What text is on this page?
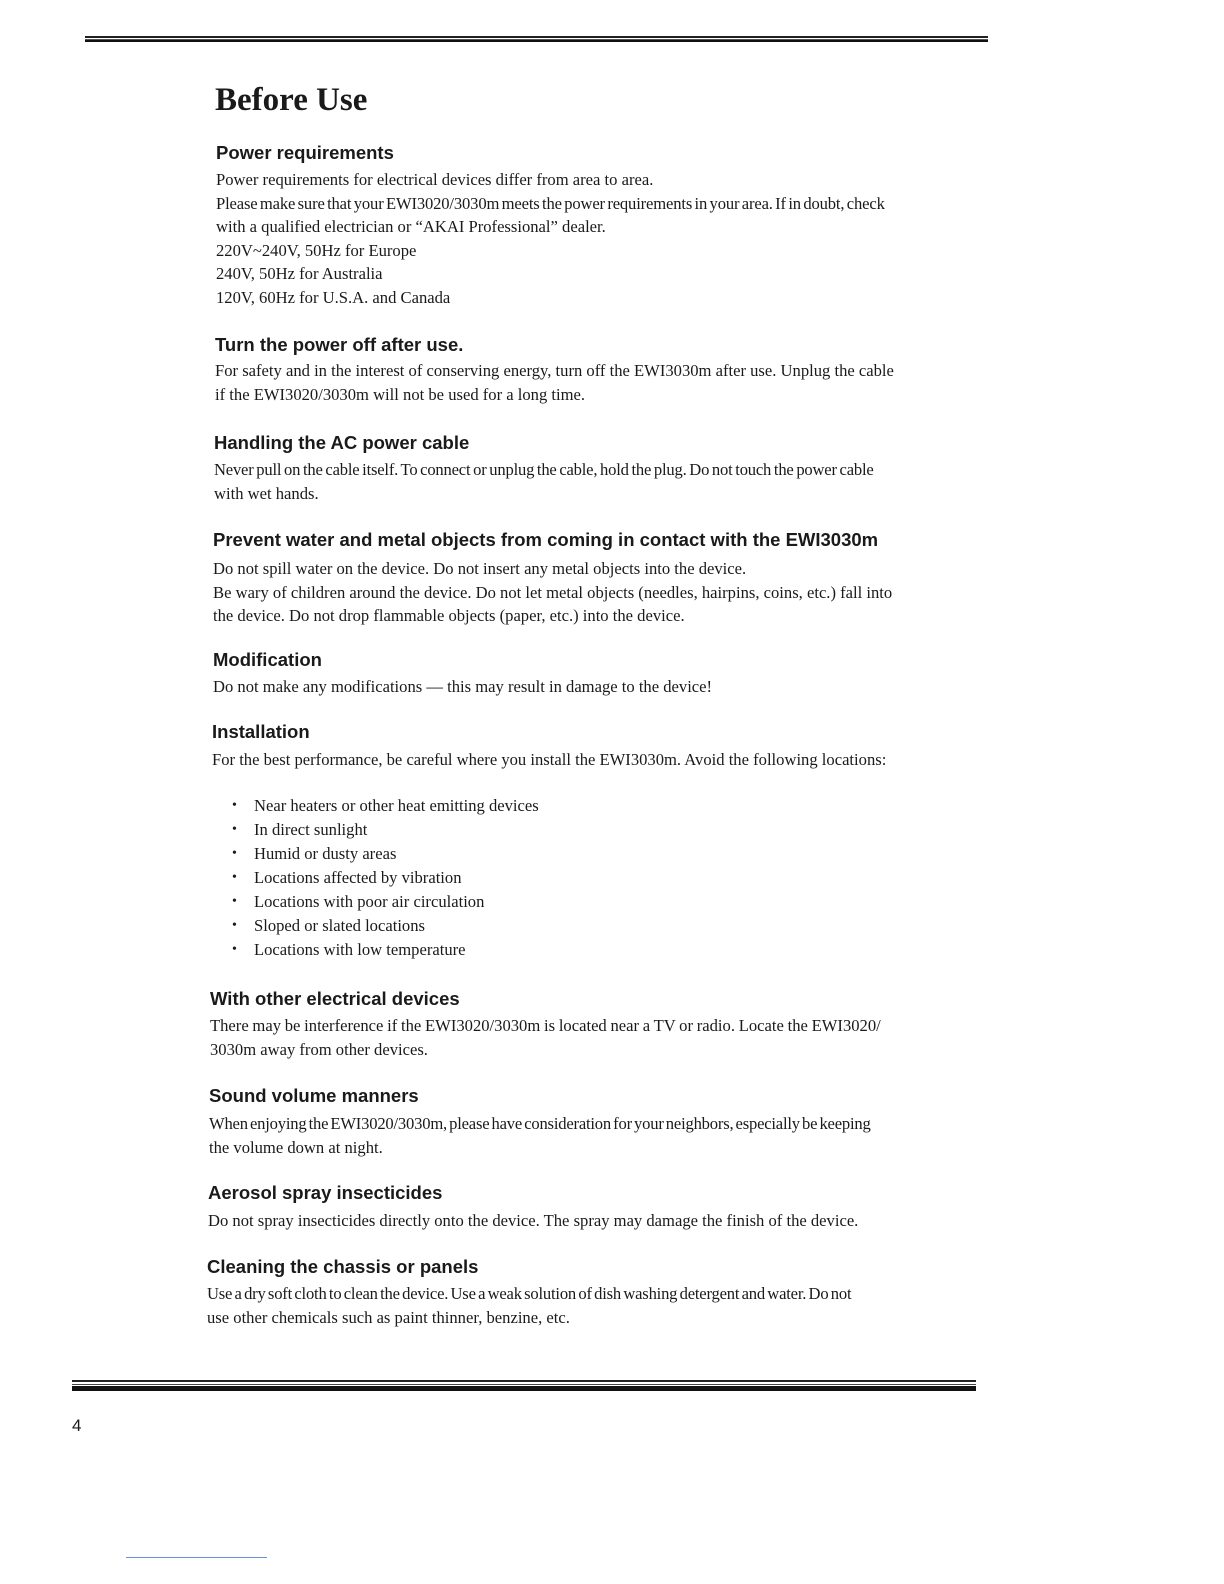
Before Use
Power requirements

Power requirements for electrical devices differ from area to area.

Please make sure that your EWI3020/3030m meets the power requirements in your area. If in doubt, check

with a qualified electrician or “AKAI Professional” dealer.

220V~240V, 50Hz for Europe

240V, 50Hz for Australia

120V, 60Hz for U.S.A. and Canada

Turn the power off after use.

For safety and in the interest of conserving energy, turn off the EWI3030m after use. Unplug the cable

if the EWI3020/3030m will not be used for a long time.

Handling the AC power cable

Never pull on the cable itself. To connect or unplug the cable, hold the plug. Do not touch the power cable

with wet hands.

Prevent water and metal objects from coming in contact with the EWI3030m

Do not spill water on the device. Do not insert any metal objects into the device.

Be wary of children around the device. Do not let metal objects (needles, hairpins, coins, etc.) fall into

the device. Do not drop flammable objects (paper, etc.) into the device.

Modification

Do not make any modifications — this may result in damage to the device!

Installation

For the best performance, be careful where you install the EWI3030m. Avoid the following locations:

• Near heaters or other heat emitting devices
• In direct sunlight
• Humid or dusty areas
• Locations affected by vibration
• Locations with poor air circulation
• Sloped or slated locations
• Locations with low temperature
With other electrical devices

There may be interference if the EWI3020/3030m is located near a TV or radio. Locate the EWI3020/

3030m away from other devices.

Sound volume manners

When enjoying the EWI3020/3030m, please have consideration for your neighbors, especially be keeping

the volume down at night.

Aerosol spray insecticides

Do not spray insecticides directly onto the device. The spray may damage the finish of the device.

Cleaning the chassis or panels

Use a dry soft cloth to clean the device. Use a weak solution of dish washing detergent and water. Do not

use other chemicals such as paint thinner, benzine, etc.

4
